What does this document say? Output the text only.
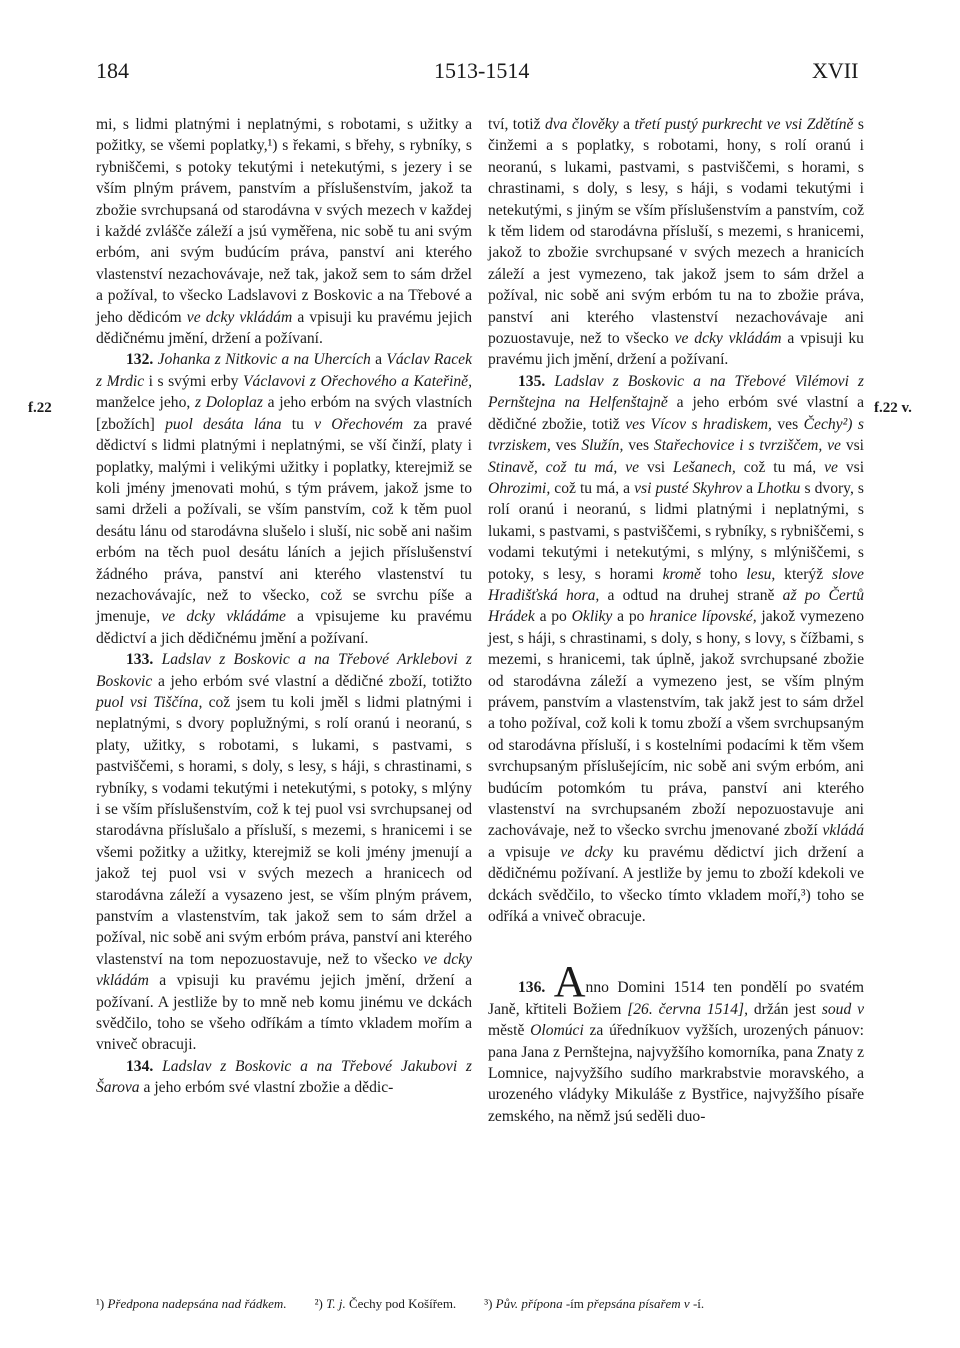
184	1513-1514	XVII
f.22	f.22 v.

mi, s lidmi platnými i neplatnými, s robotami, s užitky a požitky, se všemi poplatky,¹) s řekami, s břehy, s rybníky, s rybniščemi, s potoky tekutými i netekutými, s jezery i se vším plným právem, panstvím a příslušenstvím, jakož ta zbožie svrchupsaná od starodávna v svých mezech v každej i každé zvlášče záleží a jsú vyměřena, nic sobě tu ani svým erbóm, ani svým budúcím práva, panství ani kterého vlastenství nezachovávaje, než tak, jakož sem to sám držel a požíval, to všecko Ladslavovi z Boskovic a na Třebové a jeho dědicóm ve dcky vkládám a vpisuji ku pravému jejich dědičnému jmění, držení a požívaní.

132. Johanka z Nitkovic a na Uhercích a Václav Racek z Mrdic i s svými erby Václavovi z Ořechového a Kateřině, manželce jeho, z Doloplaz a jeho erbóm na svých vlastních [zbožích] puol desáta lána tu v Ořechovém za pravé dědictví s lidmi platnými i neplatnými, se vší činží, platy i poplatky, malými i velikými užitky i poplatky, kterejmiž se koli jmény jmenovati mohú, s tým právem, jakož jsme to sami drželi a požívali, se vším panstvím, což k těm puol desátu lánu od starodávna slušelo i sluší, nic sobě ani našim erbóm na těch puol desátu láních a jejich příslušenství žádného práva, panství ani kterého vlastenství tu nezachovávajíc, než to všecko, což se svrchu píše a jmenuje, ve dcky vkládáme a vpisujeme ku pravému dědictví a jich dědičnému jmění a požívaní.

133. Ladslav z Boskovic a na Třebové Arklebovi z Boskovic a jeho erbóm své vlastní a dědičné zboží, totižto puol vsi Tiščína, což jsem tu koli jměl s lidmi platnými i neplatnými, s dvory poplužnými, s rolí oranú i neoranú, s platy, užitky, s robotami, s lukami, s pastvami, s pastviščemi, s horami, s doly, s lesy, s háji, s chrastinami, s rybníky, s vodami tekutými i netekutými, s potoky, s mlýny i se vším příslušenstvím, což k tej puol vsi svrchupsanej od starodávna příslušalo a přísluší, s mezemi, s hranicemi i se všemi požitky a užitky, kterejmiž se koli jmény jmenují a jakož tej puol vsi v svých mezech a hranicech od starodávna záleží a vysazeno jest, se vším plným právem, panstvím a vlastenstvím, tak jakož sem to sám držel a požíval, nic sobě ani svým erbóm práva, panství ani kterého vlastenství na tom nepozuostavuje, než to všecko ve dcky vkládám a vpisuji ku pravému jejich jmění, držení a požívaní. A jestliže by to mně neb komu jinému ve dckách svědčilo, toho se všeho odříkám a tímto vkladem mořím a vniveč obracuji.

134. Ladslav z Boskovic a na Třebové Jakubovi z Šarova a jeho erbóm své vlastní zbožie a dědic-

tví, totiž dva člověky a třetí pustý purkrecht ve vsi Zdětíně s činžemi a s poplatky, s robotami, hony, s rolí oranú i neoranú, s lukami, pastvami, s pastviščemi, s horami, s chrastinami, s doly, s lesy, s háji, s vodami tekutými i netekutými, s jiným se vším příslušenstvím a panstvím, což k těm lidem od starodávna přísluší, s mezemi, s hranicemi, jakož to zbožie svrchupsané v svých mezech a hranicích záleží a jest vymezeno, tak jakož jsem to sám držel a požíval, nic sobě ani svým erbóm tu na to zbožie práva, panství ani kterého vlastenství nezachovávaje ani pozuostavuje, než to všecko ve dcky vkládám a vpisuji ku pravému jich jmění, držení a požívaní.

135. Ladslav z Boskovic a na Třebové Vilémovi z Pernštejna na Helfenštajně a jeho erbóm své vlastní a dědičné zbožie, totiž ves Vícov s hradiskem, ves Čechy²) s tvrziskem, ves Služín, ves Stařechovice i s tvrziščem, ve vsi Stinavě, což tu má, ve vsi Lešanech, což tu má, ve vsi Ohrozimi, což tu má, a vsi pusté Skyhrov a Lhotku s dvory, s rolí oranú i neoranú, s lidmi platnými i neplatnými, s lukami, s pastvami, s pastviščemi, s rybníky, s rybniščemi, s vodami tekutými i netekutými, s mlýny, s mlýniščemi, s potoky, s lesy, s horami kromě toho lesu, kterýž slove Hradišťská hora, a odtud na druhej straně až po Čertů Hrádek a po Okliky a po hranice lípovské, jakož vymezeno jest, s háji, s chrastinami, s doly, s hony, s lovy, s čížbami, s mezemi, s hranicemi, tak úplně, jakož svrchupsané zbožie od starodávna záleží a vymezeno jest, se vším plným právem, panstvím a vlastenstvím, tak jakž jest to sám držel a toho požíval, což koli k tomu zboží a všem svrchupsaným od starodávna přísluší, i s kostelními podacími k těm všem svrchupsaným příslušejícím, nic sobě ani svým erbóm, ani budúcím potomkóm tu práva, panství ani kterého vlastenství na svrchupsaném zboží nepozuostavuje ani zachovávaje, než to všecko svrchu jmenované zboží vkládá a vpisuje ve dcky ku pravému dědictví jich držení a dědičnému požívaní. A jestliže by jemu to zboží kdekoli ve dckách svědčilo, to všecko tímto vkladem moří,³) toho se odříká a vniveč obracuje.

136. Anno Domini 1514 ten pondělí po svatém Janě, křtiteli Božiem [26. června 1514], držán jest soud v městě Olomúci za úředníkuov vyžších, urozených pánuov: pana Jana z Pernštejna, najvyžšího komorníka, pana Znaty z Lomnice, najvyžšího sudího markrabstvie moravského, a urozeného vládyky Mikuláše z Bystřice, najvyžšího písaře zemského, na němž jsú seděli duo-

¹) Předpona nadepsána nad řádkem. ²) T. j. Čechy pod Košířem. ³) Pův. přípona -ím přepsána písařem v -í.
